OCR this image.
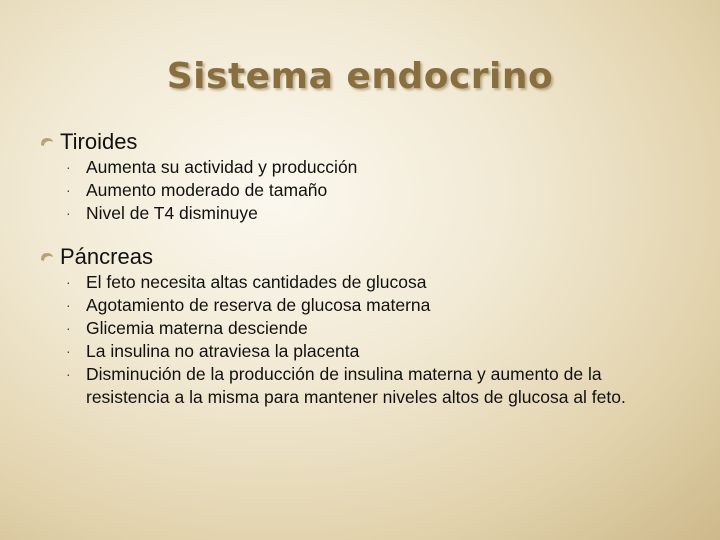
Sistema endocrino
Tiroides
· Aumenta su actividad y producción
· Aumento moderado de tamaño
· Nivel de T4 disminuye
Páncreas
· El feto necesita altas cantidades de glucosa
· Agotamiento de reserva de glucosa materna
· Glicemia materna desciende
· La insulina no atraviesa la placenta
· Disminución de la producción de insulina materna y aumento de la resistencia a la misma para mantener niveles altos de glucosa al feto.
